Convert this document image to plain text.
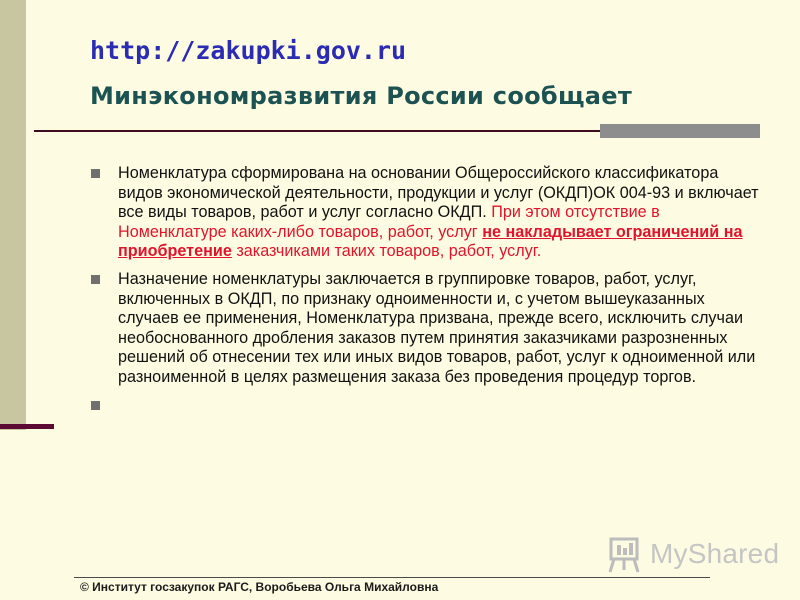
http://zakupki.gov.ru
Минэкономразвития России сообщает
Номенклатура сформирована на основании Общероссийского классификатора видов экономической деятельности, продукции и услуг (ОКДП)ОК 004-93 и включает все виды товаров, работ и услуг согласно ОКДП. При этом отсутствие в Номенклатуре каких-либо товаров, работ, услуг не накладывает ограничений на приобретение заказчиками таких товаров, работ, услуг.
Назначение номенклатуры заключается в группировке товаров, работ, услуг, включенных в ОКДП, по признаку одноименности и, с учетом вышеуказанных случаев ее применения, Номенклатура призвана, прежде всего, исключить случаи необоснованного дробления заказов путем принятия заказчиками разрозненных решений об отнесении тех или иных видов товаров, работ, услуг к одноименной или разноименной в целях размещения заказа без проведения процедур торгов.
MyShared
© Институт госзакупок РАГС, Воробьева Ольга Михайловна
